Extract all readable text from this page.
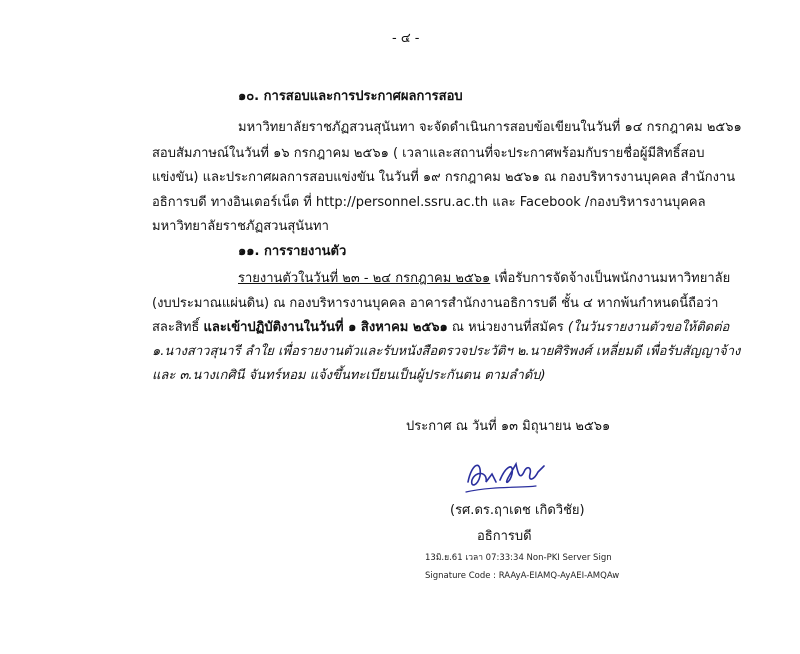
- ๔ -
๑๐. การสอบและการประกาศผลการสอบ
มหาวิทยาลัยราชภัฏสวนสุนันทา จะจัดดำเนินการสอบข้อเขียนในวันที่ ๑๔ กรกฎาคม ๒๕๖๑
สอบสัมภาษณ์ในวันที่ ๑๖ กรกฎาคม ๒๕๖๑ ( เวลาและสถานที่จะประกาศพร้อมกับรายชื่อผู้มีสิทธิ์สอบ
แข่งขัน) และประกาศผลการสอบแข่งขัน ในวันที่ ๑๙ กรกฎาคม ๒๕๖๑ ณ กองบริหารงานบุคคล สำนักงาน
อธิการบดี ทางอินเตอร์เน็ต ที่ http://personnel.ssru.ac.th และ Facebook /กองบริหารงานบุคคล
มหาวิทยาลัยราชภัฏสวนสุนันทา
๑๑. การรายงานตัว
รายงานตัวในวันที่ ๒๓ - ๒๔ กรกฎาคม ๒๕๖๑ เพื่อรับการจัดจ้างเป็นพนักงานมหาวิทยาลัย
(งบประมาณแผ่นดิน) ณ กองบริหารงานบุคคล อาคารสำนักงานอธิการบดี ชั้น ๔ หากพ้นกำหนดนี้ถือว่า
สละสิทธิ์ และเข้าปฏิบัติงานในวันที่ ๑ สิงหาคม ๒๕๖๑ ณ หน่วยงานที่สมัคร (ในวันรายงานตัวขอให้ติดต่อ
๑.นางสาวสุนารี ลำใย เพื่อรายงานตัวและรับหนังสือตรวจประวัติฯ ๒.นายศิริพงศ์ เหลี่ยมดี เพื่อรับสัญญาจ้าง
และ ๓.นางเกศินี จันทร์หอม แจ้งขึ้นทะเบียนเป็นผู้ประกันตน ตามลำดับ)
ประกาศ ณ วันที่ ๑๓ มิถุนายน ๒๕๖๑
(รศ.ดร.ฤาเดช เกิดวิชัย)
อธิการบดี
13มิ.ย.61 เวลา 07:33:34 Non-PKI Server Sign
Signature Code : RAAyA-EIAMQ-AyAEI-AMQAw
